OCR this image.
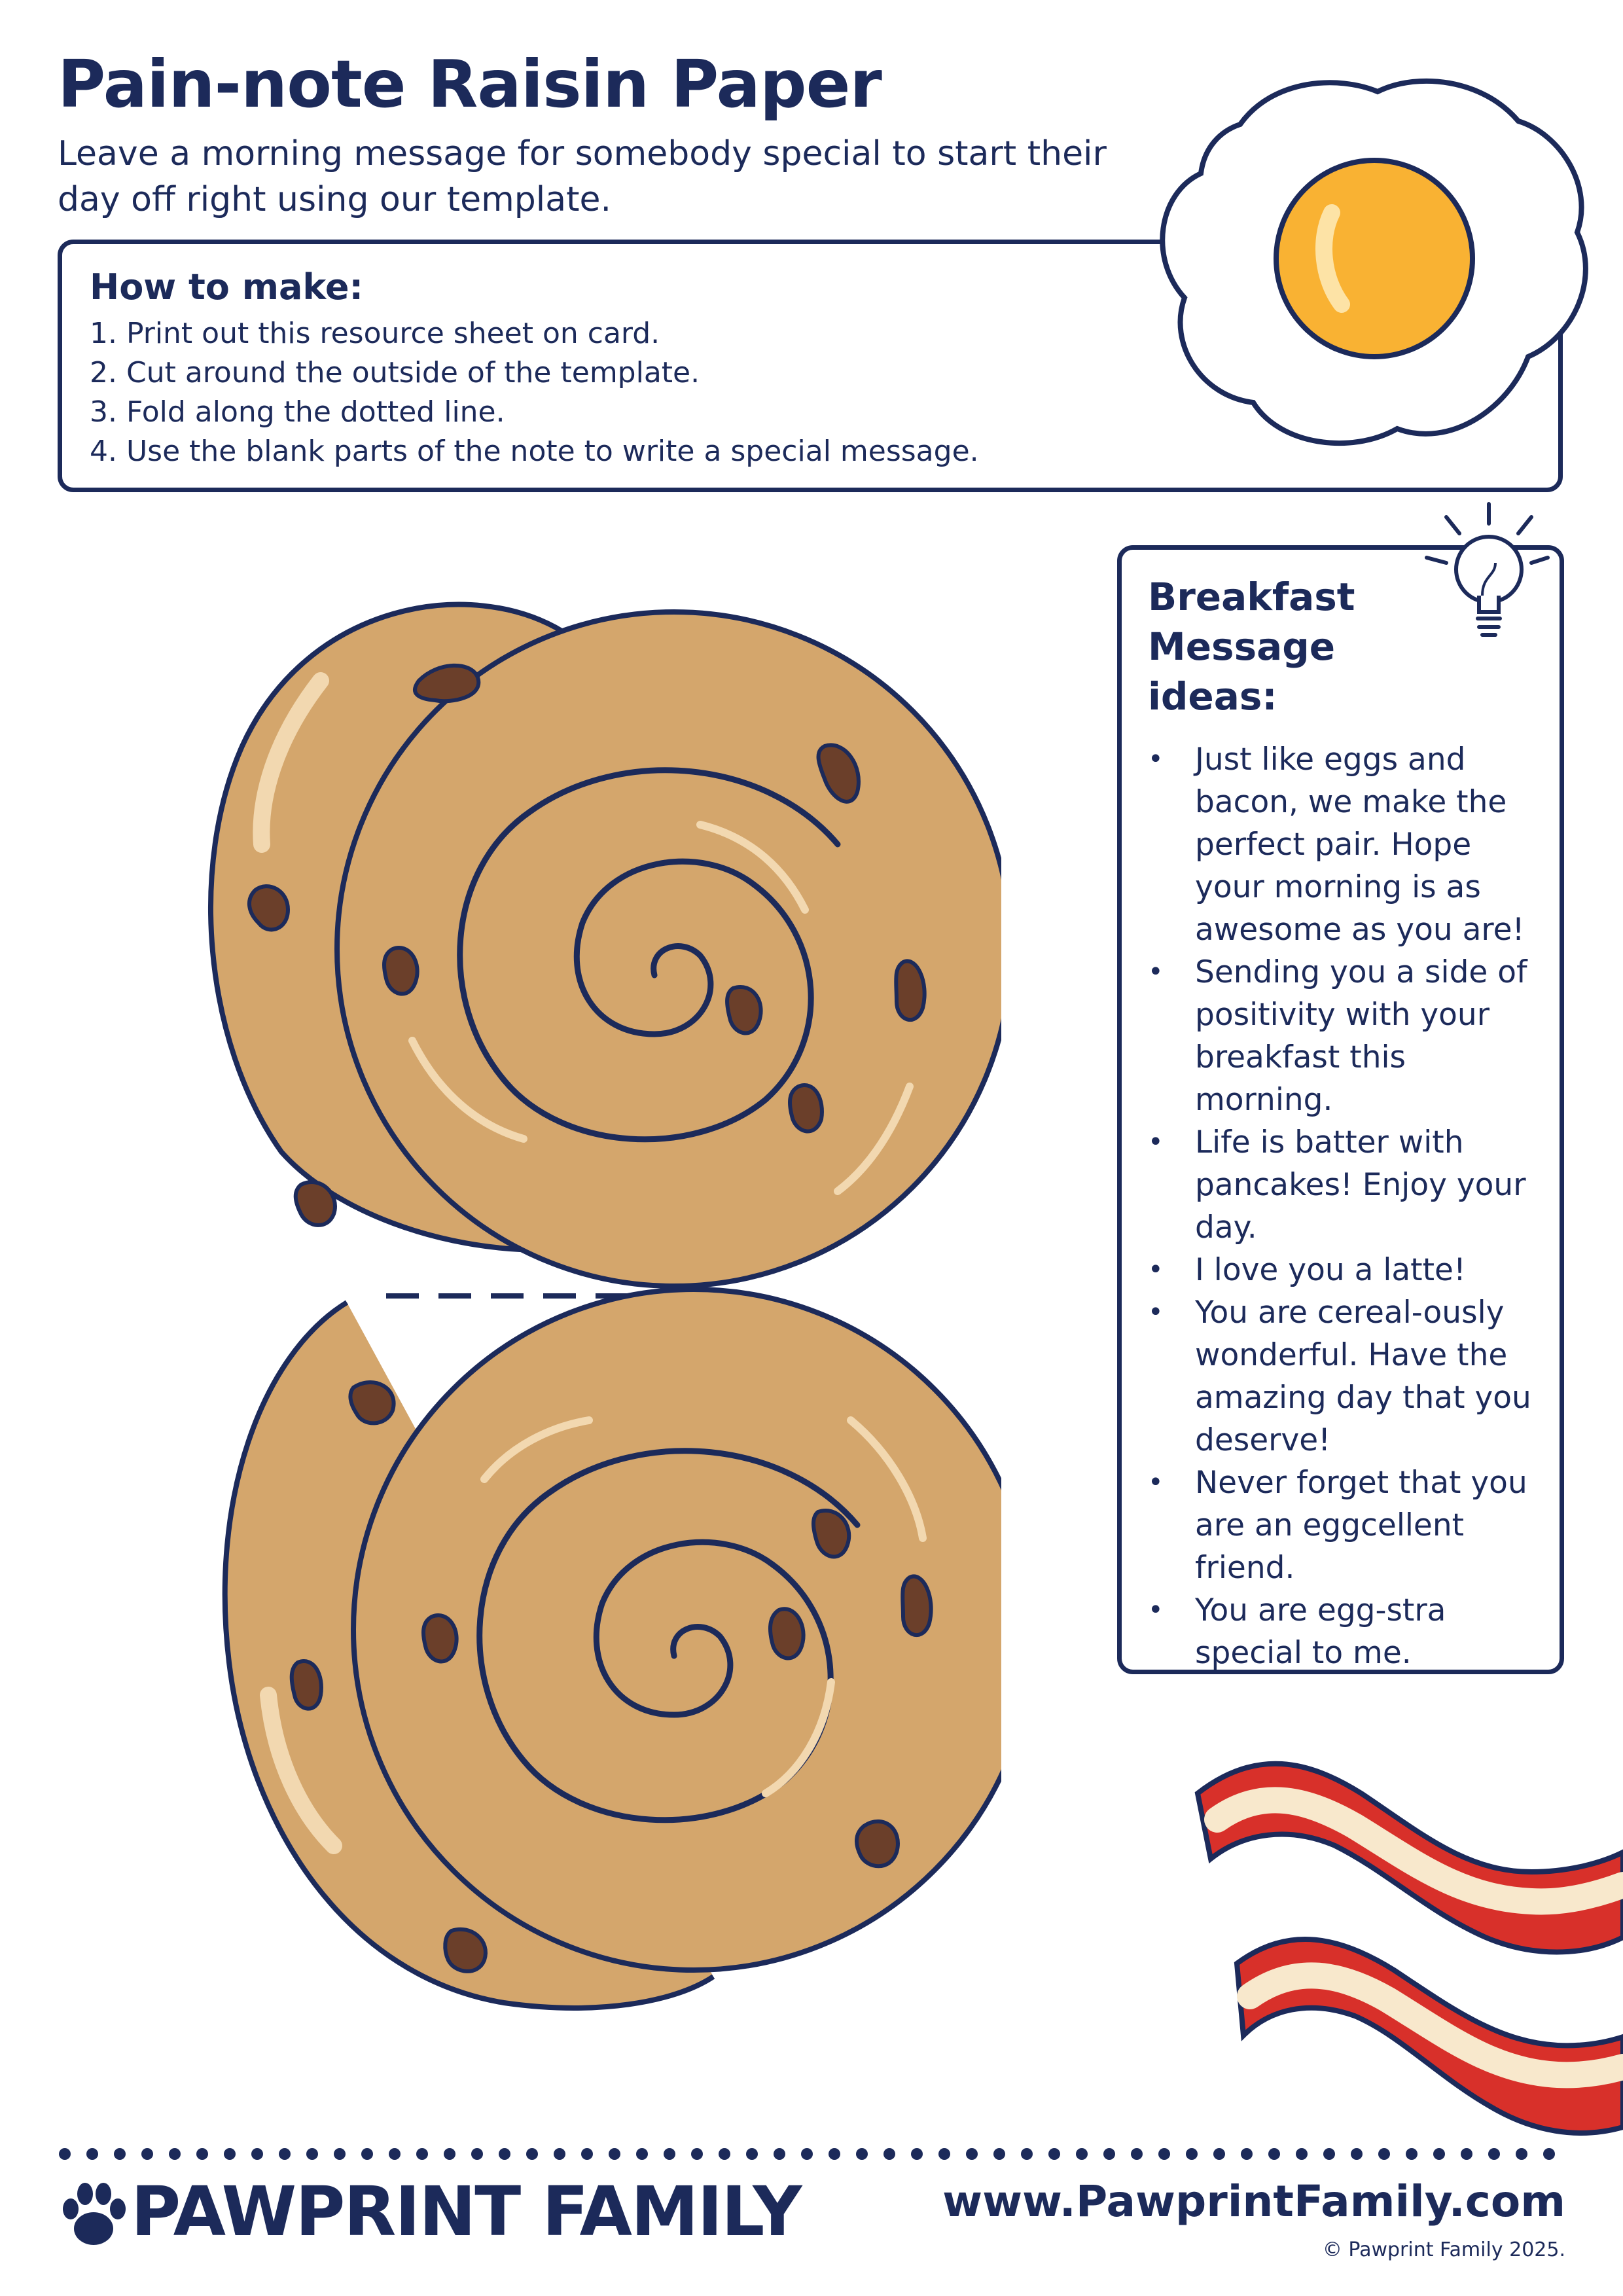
Pain-note Raisin Paper
Leave a morning message for somebody special to start their day off right using our template.
How to make:
1. Print out this resource sheet on card.
2. Cut around the outside of the template.
3. Fold along the dotted line.
4. Use the blank parts of the note to write a special message.
Breakfast Message ideas:
• Just like eggs and bacon, we make the perfect pair. Hope your morning is as awesome as you are!
• Sending you a side of positivity with your breakfast this morning.
• Life is batter with pancakes! Enjoy your day.
• I love you a latte!
• You are cereal-ously wonderful. Have the amazing day that you deserve!
• Never forget that you are an eggcellent friend.
• You are egg-stra special to me.
PAWPRINT FAMILY	www.PawprintFamily.com
© Pawprint Family 2025.
